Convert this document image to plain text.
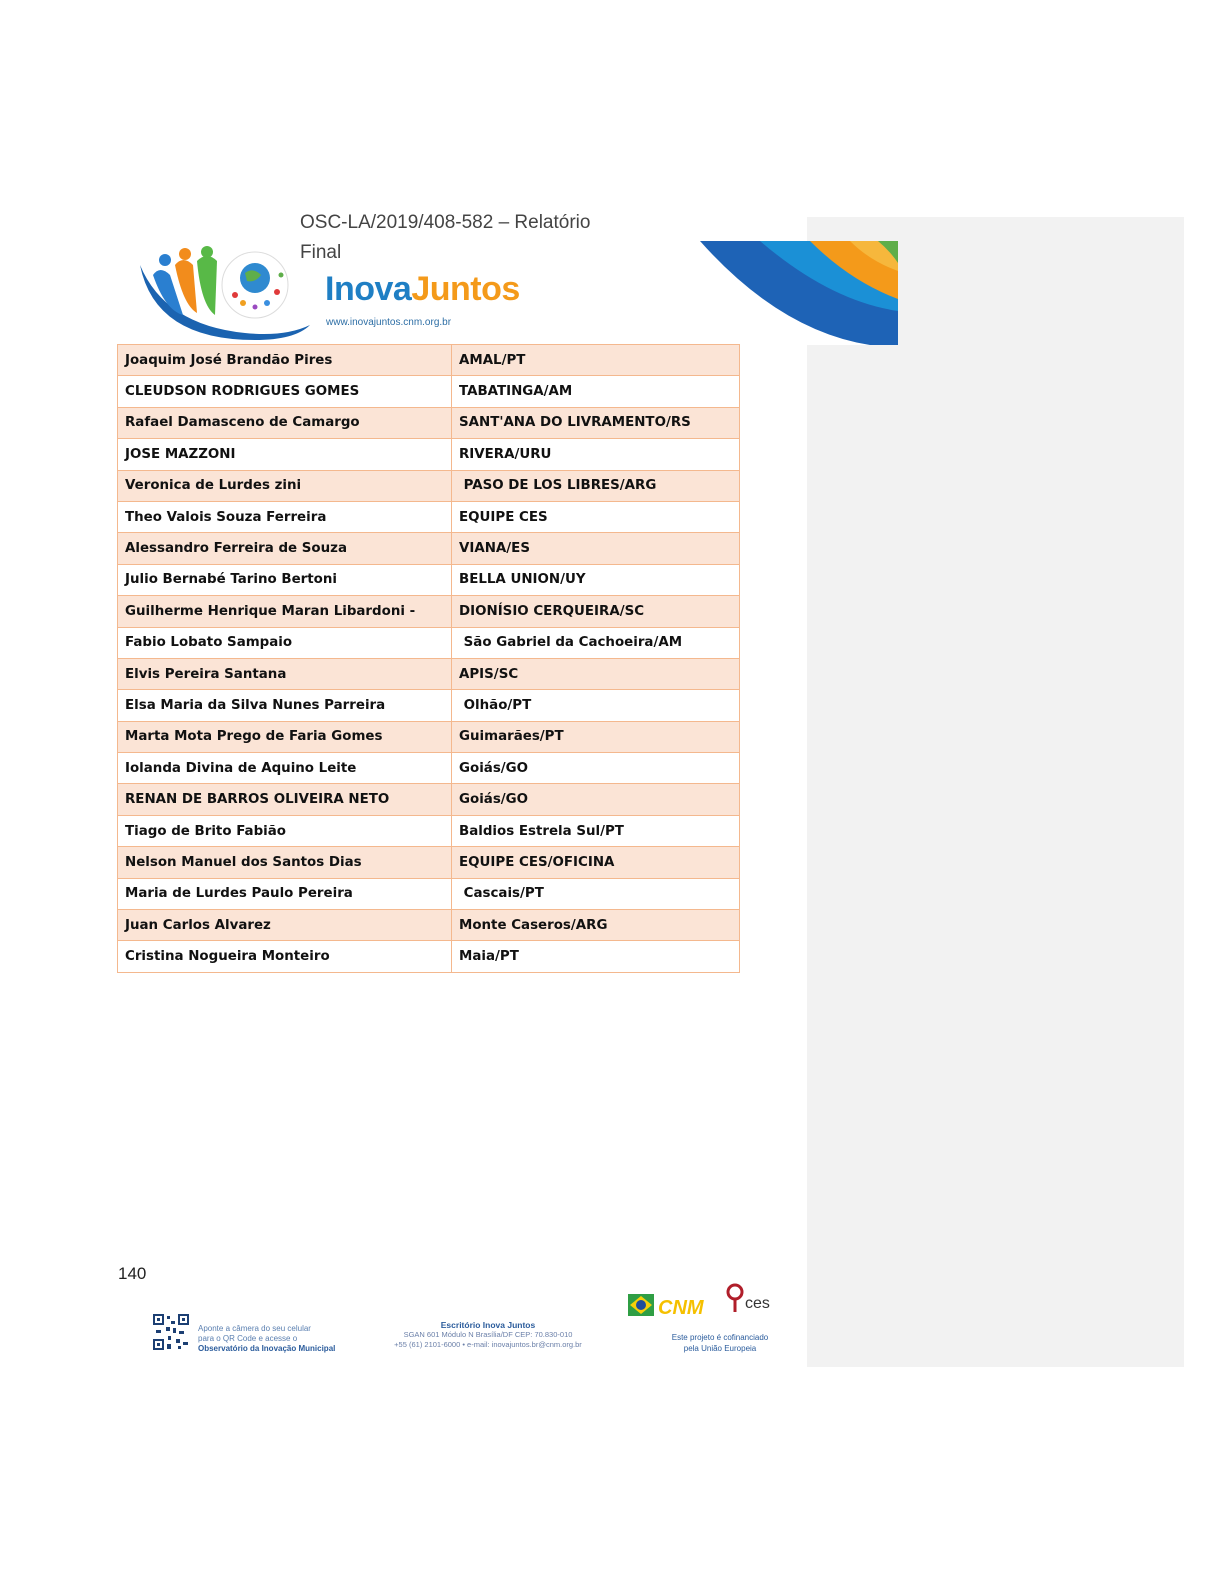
OSC-LA/2019/408-582 – Relatório Final
InovaJuntos
www.inovajuntos.cnm.org.br
Joaquim José Brandão Pires	AMAL/PT
CLEUDSON RODRIGUES GOMES	TABATINGA/AM
Rafael Damasceno de Camargo	SANT'ANA DO LIVRAMENTO/RS
JOSE MAZZONI	RIVERA/URU
Veronica de Lurdes zini	PASO DE LOS LIBRES/ARG
Theo Valois Souza Ferreira	EQUIPE CES
Alessandro Ferreira de Souza	VIANA/ES
Julio Bernabé Tarino Bertoni	BELLA UNION/UY
Guilherme Henrique Maran Libardoni -	DIONÍSIO CERQUEIRA/SC
Fabio Lobato Sampaio	São Gabriel da Cachoeira/AM
Elvis Pereira Santana	APIS/SC
Elsa Maria da Silva Nunes Parreira	Olhão/PT
Marta Mota Prego de Faria Gomes	Guimarães/PT
Iolanda Divina de Aquino Leite	Goiás/GO
RENAN DE BARROS OLIVEIRA NETO	Goiás/GO
Tiago de Brito Fabião	Baldios Estrela Sul/PT
Nelson Manuel dos Santos Dias	EQUIPE CES/OFICINA
Maria de Lurdes Paulo Pereira	Cascais/PT
Juan Carlos Alvarez	Monte Caseros/ARG
Cristina Nogueira Monteiro	Maia/PT
140
Aponte a câmera do seu celular
para o QR Code e acesse o
Observatório da Inovação Municipal
Escritório Inova Juntos
SGAN 601 Módulo N Brasília/DF CEP: 70.830-010
+55 (61) 2101-6000 • e-mail: inovajuntos.br@cnm.org.br
CNM	ces
Este projeto é cofinanciado
pela União Europeia
